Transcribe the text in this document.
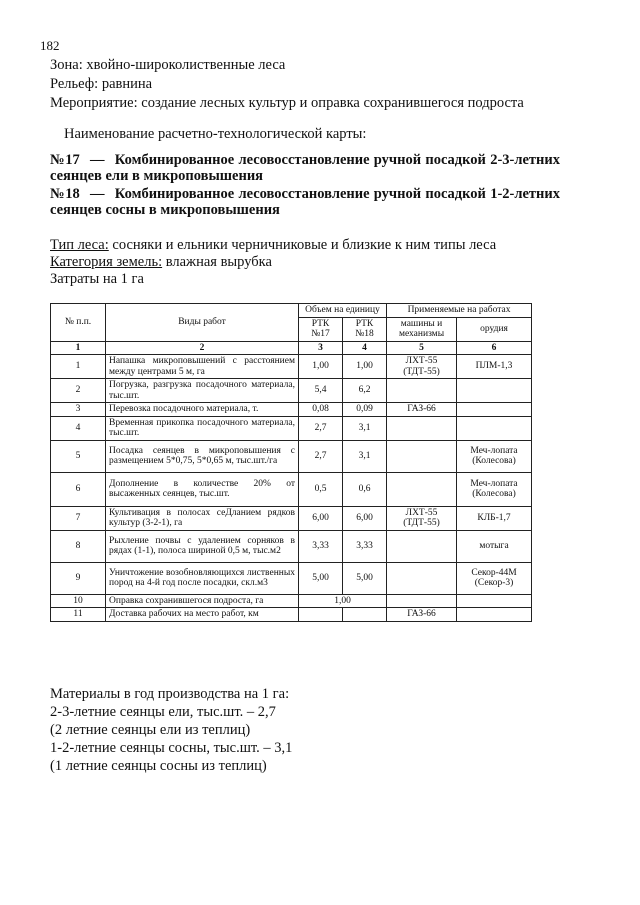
182
Зона: хвойно-широколиственные леса
Рельеф: равнина
Мероприятие: создание лесных культур и оправка сохранившегося подроста
Наименование расчетно-технологической карты:
№17 — Комбинированное лесовосстановление ручной посадкой 2-3-летних сеянцев ели в микроповышения
№18 — Комбинированное лесовосстановление ручной посадкой 1-2-летних сеянцев сосны в микроповышения
Тип леса: сосняки и ельники черничниковые и близкие к ним типы леса
Категория земель: влажная вырубка
Затраты на 1 га
№ п.п.	Виды работ	Объем на единицу		Применяемые на работах	
		РТК №17	РТК №18	машины и механизмы	орудия
1	2	3	4	5	6
1	Напашка микроповышений с расстоянием между центрами 5 м, га	1,00	1,00	ЛХТ-55 (ТДТ-55)	ПЛМ-1,3
2	Погрузка, разгрузка посадочного материала, тыс.шт.	5,4	6,2		
3	Перевозка посадочного материала, т.	0,08	0,09	ГАЗ-66	
4	Временная прикопка посадочного материала, тыс.шт.	2,7	3,1		
5	Посадка сеянцев в микроповышения с размещением 5*0,75, 5*0,65 м, тыс.шт./га	2,7	3,1		Меч-лопата (Колесова)
6	Дополнение в количестве 20% от высаженных сеянцев, тыс.шт.	0,5	0,6		Меч-лопата (Колесова)
7	Культивация в полосах сеДланием рядков культур (3-2-1), га	6,00	6,00	ЛХТ-55 (ТДТ-55)	КЛБ-1,7
8	Рыхление почвы с удалением сорняков в рядах (1-1), полоса шириной 0,5 м, тыс.м2	3,33	3,33		мотыга
9	Уничтожение возобновляющихся лиственных пород на 4-й год после посадки, скл.м3	5,00	5,00		Секор-44М (Секор-3)
10	Оправка сохранившегося подроста, га	1,00			
11	Доставка рабочих на место работ, км			ГАЗ-66	
Материалы в год производства на 1 га:
2-3-летние сеянцы ели, тыс.шт. – 2,7
(2 летние сеянцы ели из теплиц)
1-2-летние сеянцы сосны, тыс.шт. – 3,1
(1 летние сеянцы сосны из теплиц)
